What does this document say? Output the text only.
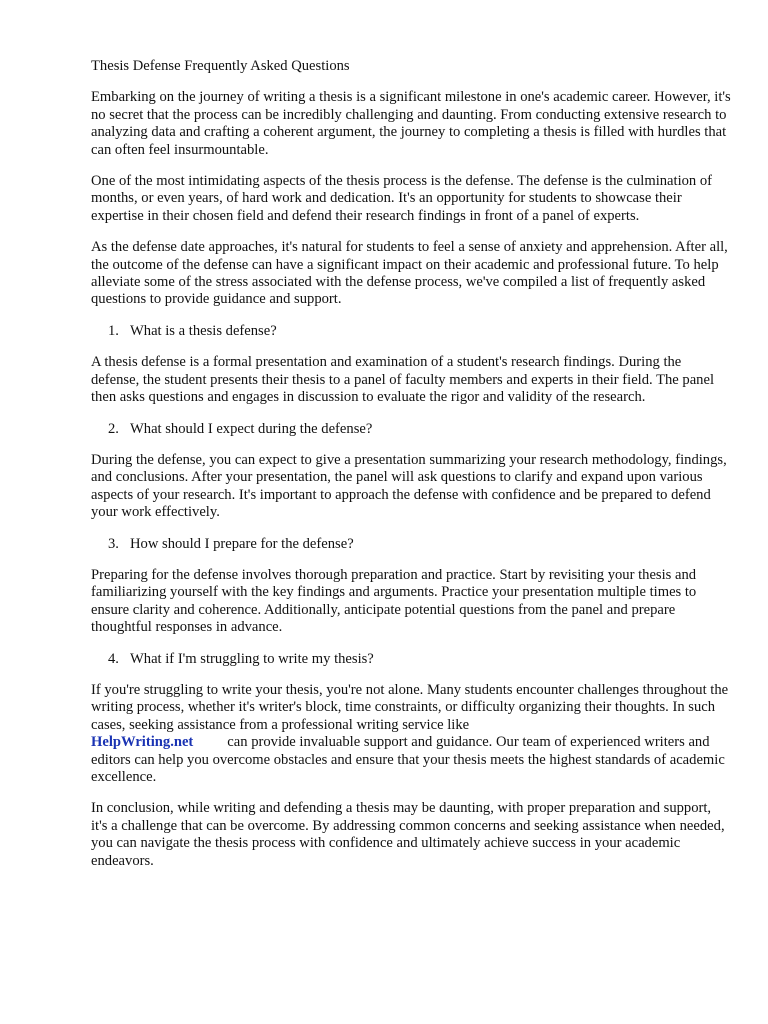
Thesis Defense Frequently Asked Questions

Embarking on the journey of writing a thesis is a significant milestone in one's academic career. However, it's no secret that the process can be incredibly challenging and daunting. From conducting extensive research to analyzing data and crafting a coherent argument, the journey to completing a thesis is filled with hurdles that can often feel insurmountable.

One of the most intimidating aspects of the thesis process is the defense. The defense is the culmination of months, or even years, of hard work and dedication. It's an opportunity for students to showcase their expertise in their chosen field and defend their research findings in front of a panel of experts.

As the defense date approaches, it's natural for students to feel a sense of anxiety and apprehension. After all, the outcome of the defense can have a significant impact on their academic and professional future. To help alleviate some of the stress associated with the defense process, we've compiled a list of frequently asked questions to provide guidance and support.

1. What is a thesis defense?

A thesis defense is a formal presentation and examination of a student's research findings. During the defense, the student presents their thesis to a panel of faculty members and experts in their field. The panel then asks questions and engages in discussion to evaluate the rigor and validity of the research.

2. What should I expect during the defense?

During the defense, you can expect to give a presentation summarizing your research methodology, findings, and conclusions. After your presentation, the panel will ask questions to clarify and expand upon various aspects of your research. It's important to approach the defense with confidence and be prepared to defend your work effectively.

3. How should I prepare for the defense?

Preparing for the defense involves thorough preparation and practice. Start by revisiting your thesis and familiarizing yourself with the key findings and arguments. Practice your presentation multiple times to ensure clarity and coherence. Additionally, anticipate potential questions from the panel and prepare thoughtful responses in advance.

4. What if I'm struggling to write my thesis?

If you're struggling to write your thesis, you're not alone. Many students encounter challenges throughout the writing process, whether it's writer's block, time constraints, or difficulty organizing their thoughts. In such cases, seeking assistance from a professional writing service like
HelpWriting.net can provide invaluable support and guidance. Our team of experienced writers and editors can help you overcome obstacles and ensure that your thesis meets the highest standards of academic excellence.

In conclusion, while writing and defending a thesis may be daunting, with proper preparation and support, it's a challenge that can be overcome. By addressing common concerns and seeking assistance when needed, you can navigate the thesis process with confidence and ultimately achieve success in your academic endeavors.
